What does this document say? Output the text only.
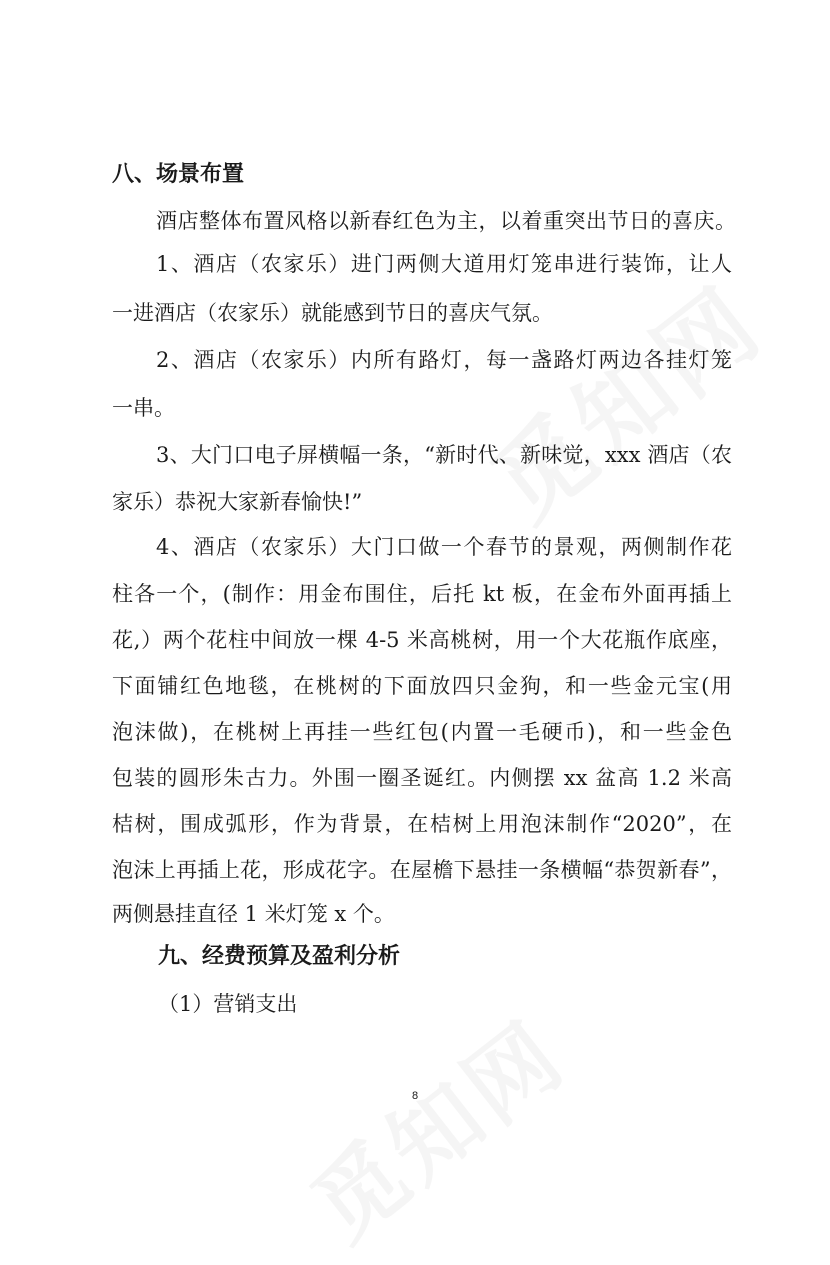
八、场景布置
酒店整体布置风格以新春红色为主，以着重突出节日的喜庆。
1、酒店（农家乐）进门两侧大道用灯笼串进行装饰，让人
一进酒店（农家乐）就能感到节日的喜庆气氛。
2、酒店（农家乐）内所有路灯，每一盏路灯两边各挂灯笼
一串。
3、大门口电子屏横幅一条，“新时代、新味觉，xxx 酒店（农
家乐）恭祝大家新春愉快!”
4、酒店（农家乐）大门口做一个春节的景观，两侧制作花
柱各一个，(制作：用金布围住，后托 kt 板，在金布外面再插上
花,）两个花柱中间放一棵 4-5 米高桃树，用一个大花瓶作底座，
下面铺红色地毯，在桃树的下面放四只金狗，和一些金元宝(用
泡沫做)，在桃树上再挂一些红包(内置一毛硬币)，和一些金色
包装的圆形朱古力。外围一圈圣诞红。内侧摆 xx 盆高 1.2 米高
桔树，围成弧形，作为背景，在桔树上用泡沫制作“2020”，在
泡沫上再插上花，形成花字。在屋檐下悬挂一条横幅“恭贺新春”，
两侧悬挂直径 1 米灯笼 x 个。
九、经费预算及盈利分析
（1）营销支出
8
